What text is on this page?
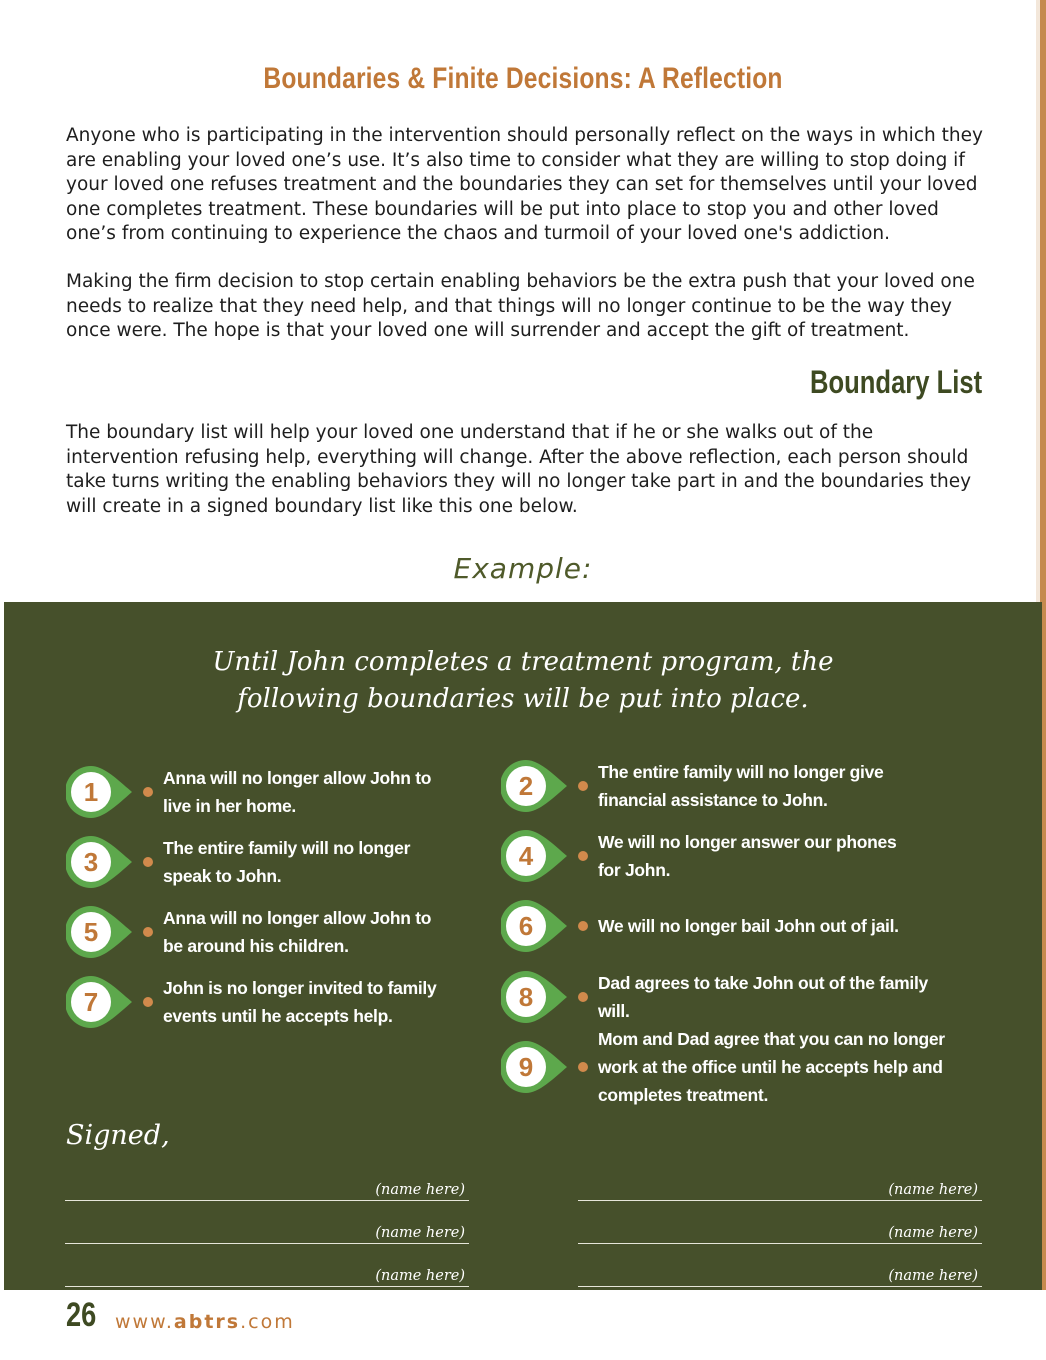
Boundaries & Finite Decisions: A Reflection

Anyone who is participating in the intervention should personally reflect on the ways in which they are enabling your loved one’s use. It’s also time to consider what they are willing to stop doing if your loved one refuses treatment and the boundaries they can set for themselves until your loved one completes treatment. These boundaries will be put into place to stop you and other loved one’s from continuing to experience the chaos and turmoil of your loved one's addiction.

Making the firm decision to stop certain enabling behaviors be the extra push that your loved one needs to realize that they need help, and that things will no longer continue to be the way they once were. The hope is that your loved one will surrender and accept the gift of treatment.

Boundary List

The boundary list will help your loved one understand that if he or she walks out of the intervention refusing help, everything will change. After the above reflection, each person should take turns writing the enabling behaviors they will no longer take part in and the boundaries they will create in a signed boundary list like this one below.

Example:
Until John completes a treatment program, the
following boundaries will be put into place.
1	Anna will no longer allow John to live in her home.
2	The entire family will no longer give financial assistance to John.
3	The entire family will no longer speak to John.
4	We will no longer answer our phones for John.
5	Anna will no longer allow John to be around his children.
6	We will no longer bail John out of jail.
7	John is no longer invited to family events until he accepts help.
8	Dad agrees to take John out of the family will.
9
Mom and Dad agree that you can no longer work at the office until he accepts help and completes treatment.
Signed,
(name here)
(name here)
(name here)
(name here)
(name here)
(name here)
26 www.abtrs.com
